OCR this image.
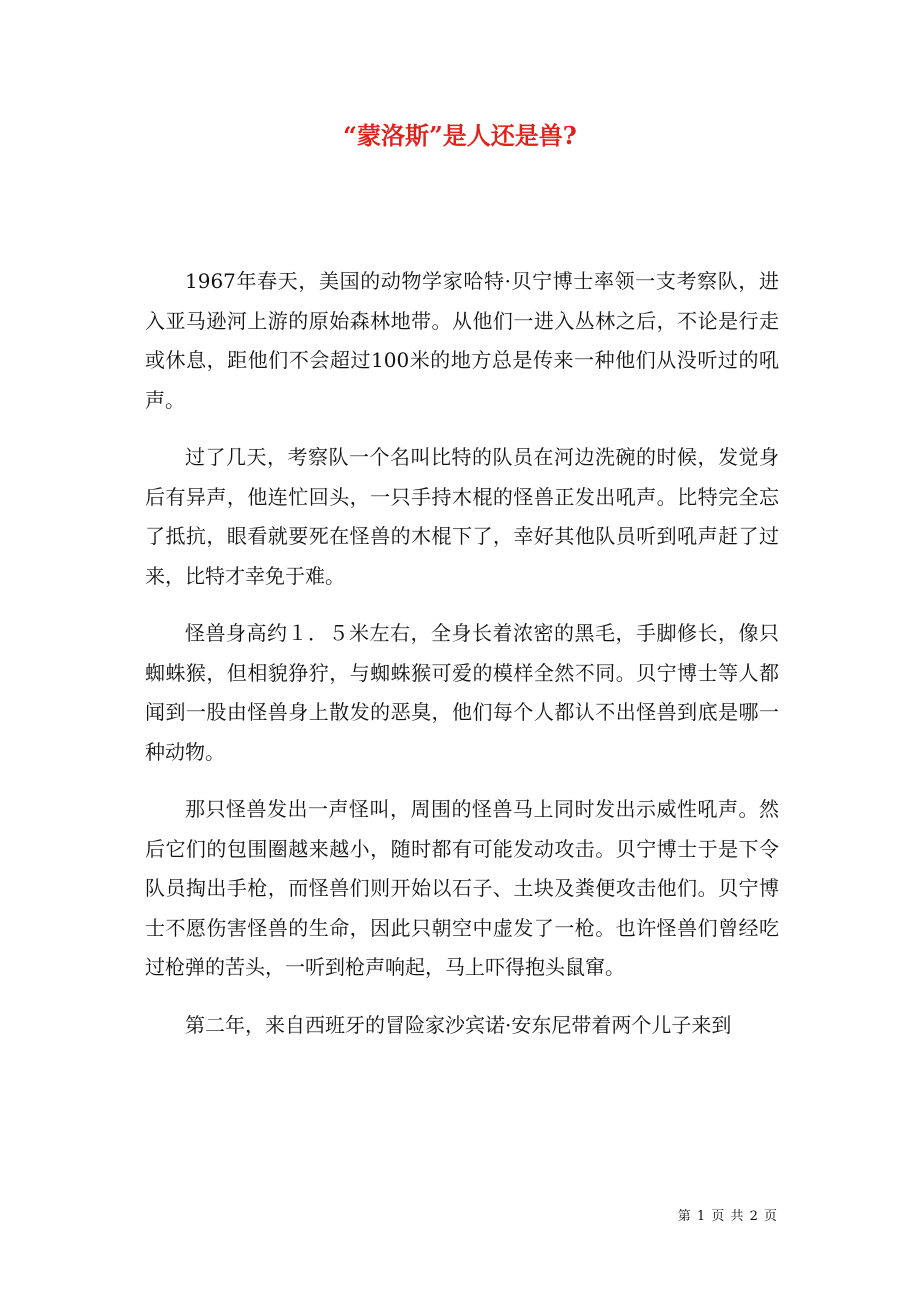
“蒙洛斯”是人还是兽?

1967年春天，美国的动物学家哈特·贝宁博士率领一支考察队，进入亚马逊河上游的原始森林地带。从他们一进入丛林之后，不论是行走或休息，距他们不会超过100米的地方总是传来一种他们从没听过的吼声。

过了几天，考察队一个名叫比特的队员在河边洗碗的时候，发觉身后有异声，他连忙回头，一只手持木棍的怪兽正发出吼声。比特完全忘了抵抗，眼看就要死在怪兽的木棍下了，幸好其他队员听到吼声赶了过来，比特才幸免于难。

怪兽身高约１．５米左右，全身长着浓密的黑毛，手脚修长，像只蜘蛛猴，但相貌狰狞，与蜘蛛猴可爱的模样全然不同。贝宁博士等人都闻到一股由怪兽身上散发的恶臭，他们每个人都认不出怪兽到底是哪一种动物。

那只怪兽发出一声怪叫，周围的怪兽马上同时发出示威性吼声。然后它们的包围圈越来越小，随时都有可能发动攻击。贝宁博士于是下令队员掏出手枪，而怪兽们则开始以石子、土块及粪便攻击他们。贝宁博士不愿伤害怪兽的生命，因此只朝空中虚发了一枪。也许怪兽们曾经吃过枪弹的苦头，一听到枪声响起，马上吓得抱头鼠窜。

第二年，来自西班牙的冒险家沙宾诺·安东尼带着两个儿子来到

第 1 页 共 2 页
